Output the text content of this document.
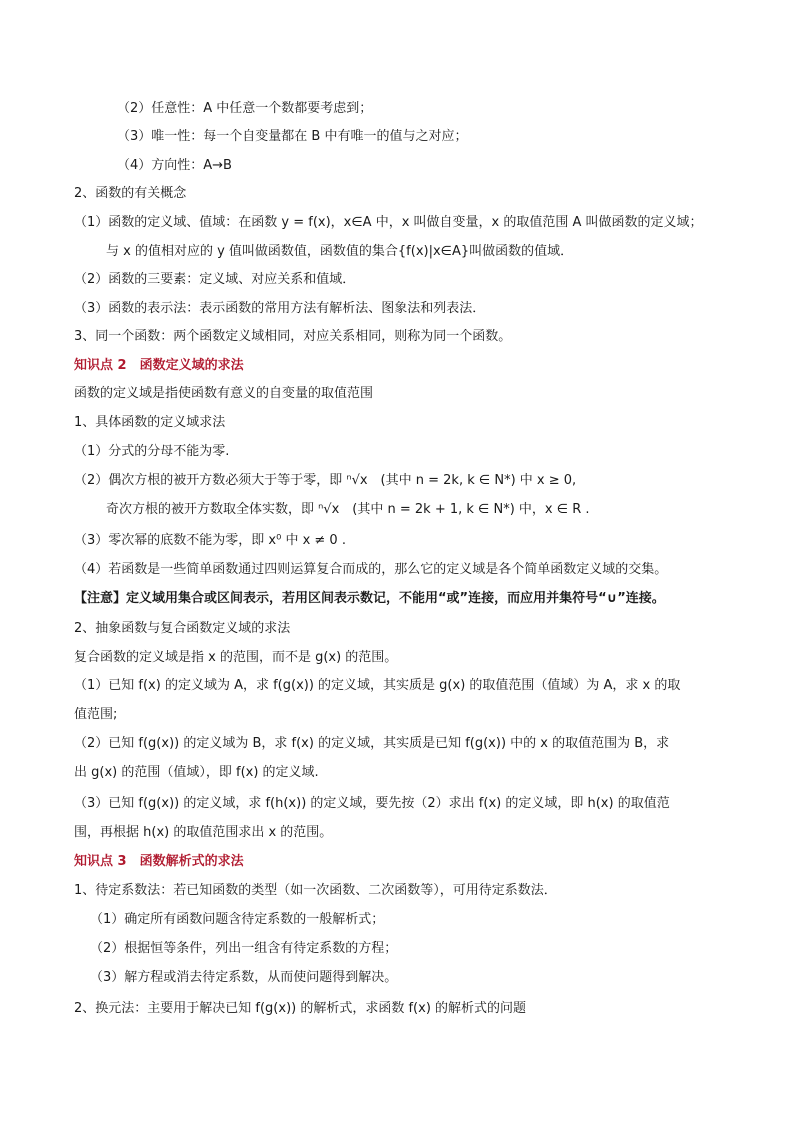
（2）任意性：A 中任意一个数都要考虑到；
（3）唯一性：每一个自变量都在 B 中有唯一的值与之对应；
（4）方向性：A→B
2、函数的有关概念
（1）函数的定义域、值域：在函数 y = f(x)，x∈A 中，x 叫做自变量，x 的取值范围 A 叫做函数的定义域；
与 x 的值相对应的 y 值叫做函数值，函数值的集合{f(x)|x∈A}叫做函数的值域．
（2）函数的三要素：定义域、对应关系和值域．
（3）函数的表示法：表示函数的常用方法有解析法、图象法和列表法．
3、同一个函数：两个函数定义域相同，对应关系相同，则称为同一个函数。
知识点 2　函数定义域的求法
函数的定义域是指使函数有意义的自变量的取值范围
1、具体函数的定义域求法
（1）分式的分母不能为零.
（2）偶次方根的被开方数必须大于等于零，即 ⁿ√x　(其中 n = 2k, k ∈ N*) 中 x ≥ 0,
奇次方根的被开方数取全体实数，即 ⁿ√x　(其中 n = 2k + 1, k ∈ N*) 中，x ∈ R .
（3）零次幂的底数不能为零，即 x⁰ 中 x ≠ 0 .
（4）若函数是一些简单函数通过四则运算复合而成的，那么它的定义域是各个简单函数定义域的交集。
【注意】定义域用集合或区间表示，若用区间表示数记，不能用“或”连接，而应用并集符号“∪”连接。
2、抽象函数与复合函数定义域的求法
复合函数的定义域是指 x 的范围，而不是 g(x) 的范围。
（1）已知 f(x) 的定义域为 A，求 f(g(x)) 的定义域，其实质是 g(x) 的取值范围（值域）为 A，求 x 的取
值范围;
（2）已知 f(g(x)) 的定义域为 B，求 f(x) 的定义域，其实质是已知 f(g(x)) 中的 x 的取值范围为 B，求
出 g(x) 的范围（值域），即 f(x) 的定义域.
（3）已知 f(g(x)) 的定义域，求 f(h(x)) 的定义域，要先按（2）求出 f(x) 的定义域，即 h(x) 的取值范
围，再根据 h(x) 的取值范围求出 x 的范围。
知识点 3　函数解析式的求法
1、待定系数法：若已知函数的类型（如一次函数、二次函数等），可用待定系数法．
（1）确定所有函数问题含待定系数的一般解析式；
（2）根据恒等条件，列出一组含有待定系数的方程；
（3）解方程或消去待定系数，从而使问题得到解决。
2、换元法：主要用于解决已知 f(g(x)) 的解析式，求函数 f(x) 的解析式的问题
